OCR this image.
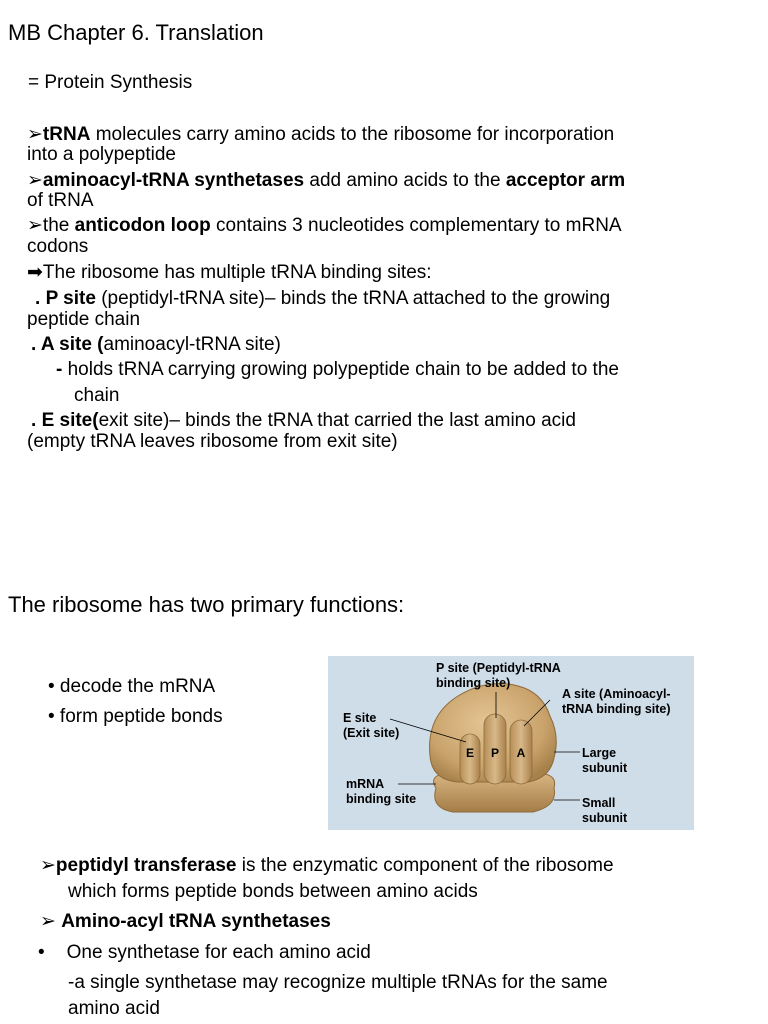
MB Chapter 6. Translation
= Protein Synthesis
➢tRNA molecules carry amino acids to the ribosome for incorporation
into a polypeptide
➢aminoacyl-tRNA synthetases add amino acids to the acceptor arm
of tRNA
➢the anticodon loop contains 3 nucleotides complementary to mRNA
codons
➡The ribosome has multiple tRNA binding sites:
. P site (peptidyl-tRNA site)– binds the tRNA attached to the growing
peptide chain
. A site (aminoacyl-tRNA site)
- holds tRNA carrying growing polypeptide chain to be added to the
chain
. E site(exit site)– binds the tRNA that carried the last amino acid
(empty tRNA leaves ribosome from exit site)
The ribosome has two primary functions:
• decode the mRNA
• form peptide bonds
E P A
P site (Peptidyl-tRNA
binding site)
A site (Aminoacyl-
tRNA binding site)
E site
(Exit site)
mRNA
binding site
Large
subunit
Small
subunit
➢peptidyl transferase is the enzymatic component of the ribosome
which forms peptide bonds between amino acids
➢ Amino-acyl tRNA synthetases
• One synthetase for each amino acid
-a single synthetase may recognize multiple tRNAs for the same
amino acid
